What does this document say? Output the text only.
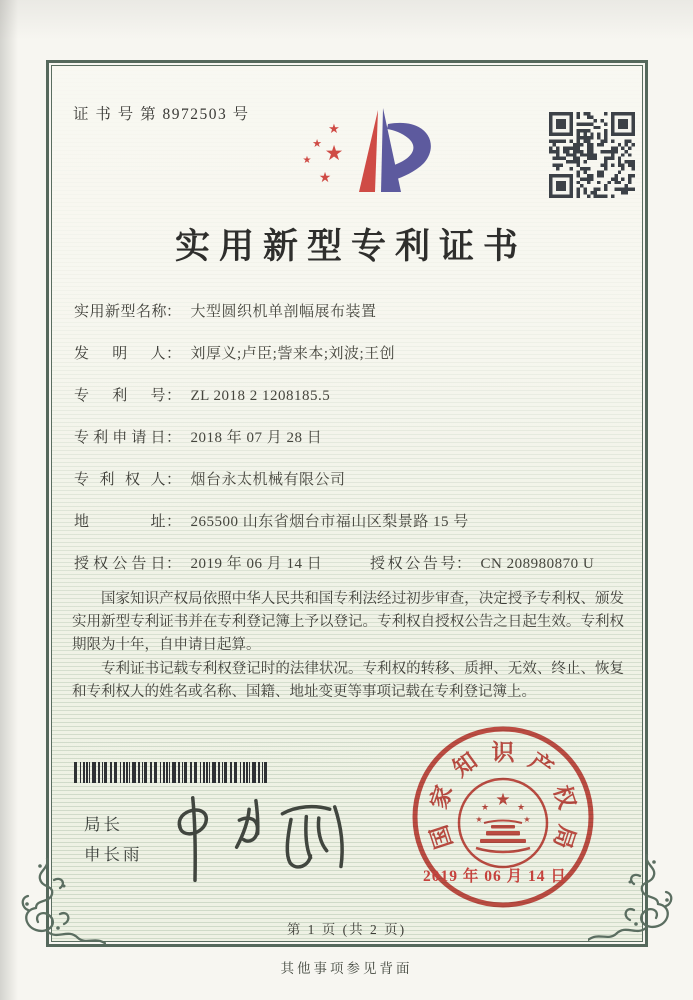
证 书 号 第 8972503 号
★
★
★ ★
★
实用新型专利证书
实用新型名称： 大型圆织机单剖幅展布装置
发明人： 刘厚义;卢臣;訾来本;刘波;王创
专利号： ZL 2018 2 1208185.5
专利申请日： 2018 年 07 月 28 日
专利权人： 烟台永太机械有限公司
地址： 265500 山东省烟台市福山区梨景路 15 号
授权公告日： 2019 年 06 月 14 日	授权公告号： CN 208980870 U

国家知识产权局依照中华人民共和国专利法经过初步审查，决定授予专利权、颁发实用新型专利证书并在专利登记簿上予以登记。专利权自授权公告之日起生效。专利权期限为十年，自申请日起算。

专利证书记载专利权登记时的法律状况。专利权的转移、质押、无效、终止、恢复和专利权人的姓名或名称、国籍、地址变更等事项记载在专利登记簿上。

局长
申长雨
国
家
知 识 产
权
局
★
★	★
★	★
2019 年 06 月 14 日
第 1 页 (共 2 页)
其他事项参见背面
